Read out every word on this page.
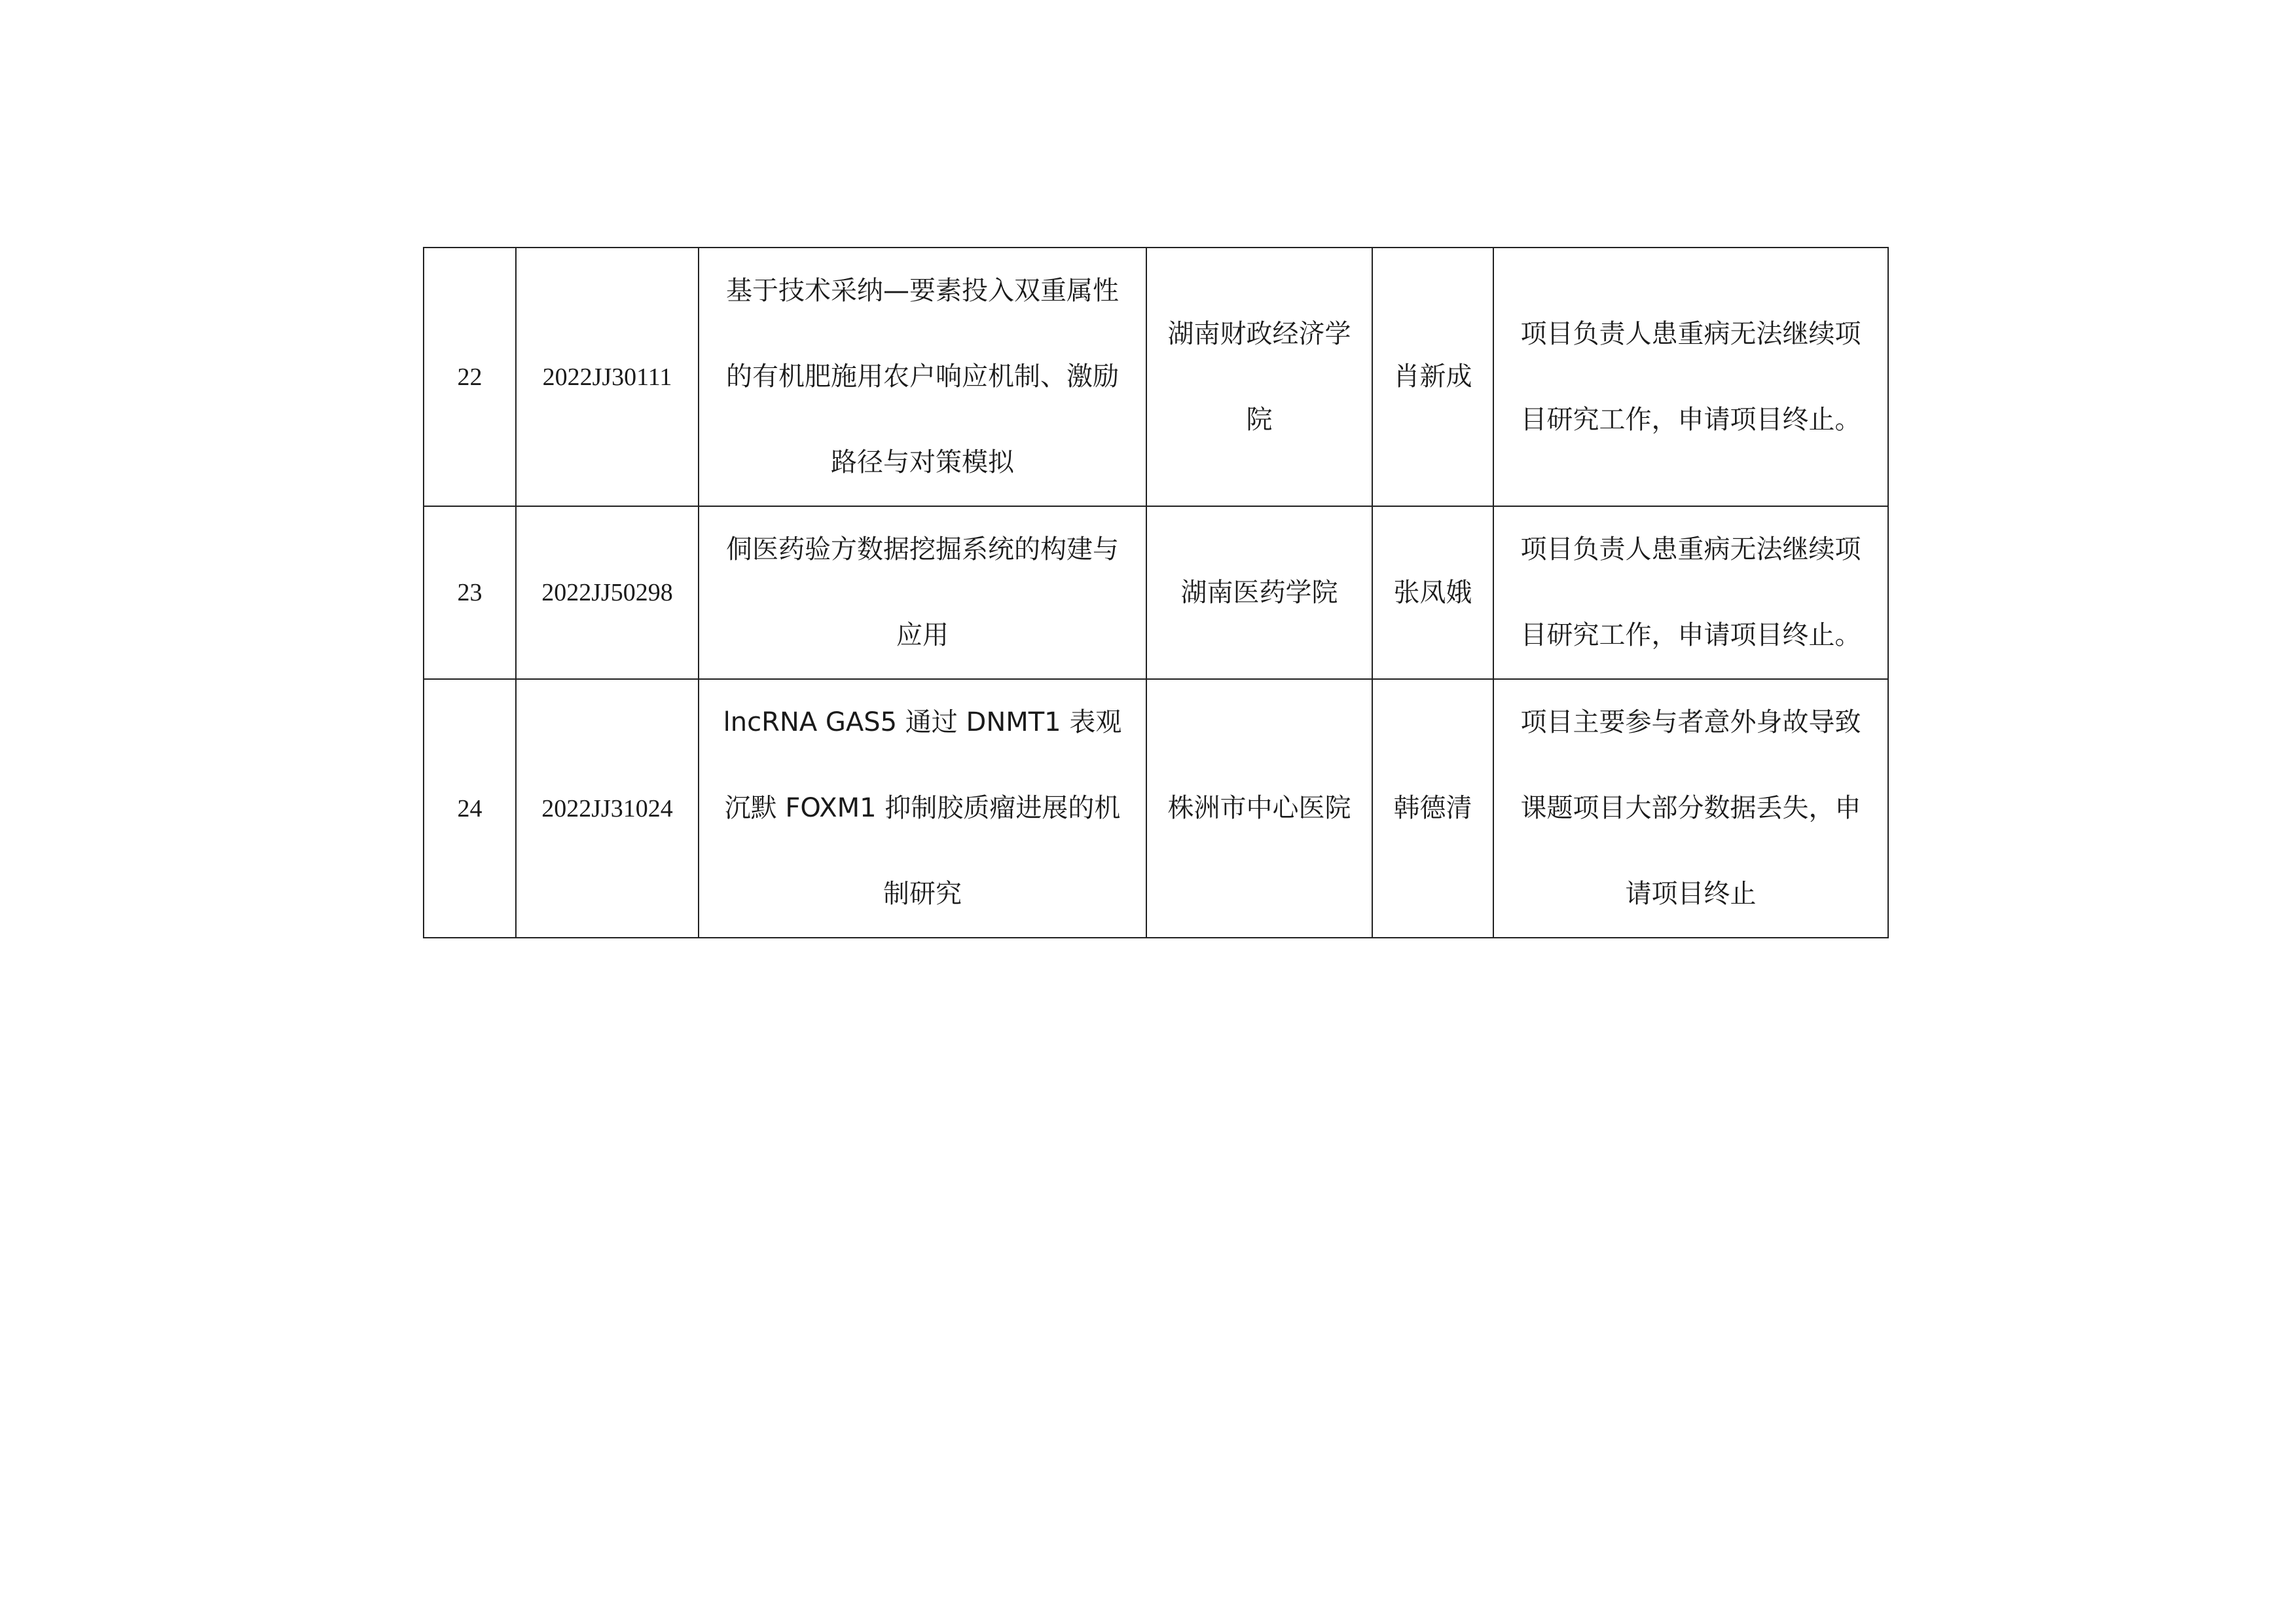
22	2022JJ30111	基于技术采纳—要素投入双重属性的有机肥施用农户响应机制、激励路径与对策模拟	湖南财政经济学院	肖新成	项目负责人患重病无法继续项目研究工作，申请项目终止。
23	2022JJ50298	侗医药验方数据挖掘系统的构建与应用	湖南医药学院	张凤娥	项目负责人患重病无法继续项目研究工作，申请项目终止。
24	2022JJ31024	lncRNA GAS5 通过 DNMT1 表观沉默 FOXM1 抑制胶质瘤进展的机制研究	株洲市中心医院	韩德清	项目主要参与者意外身故导致课题项目大部分数据丢失，申请项目终止
